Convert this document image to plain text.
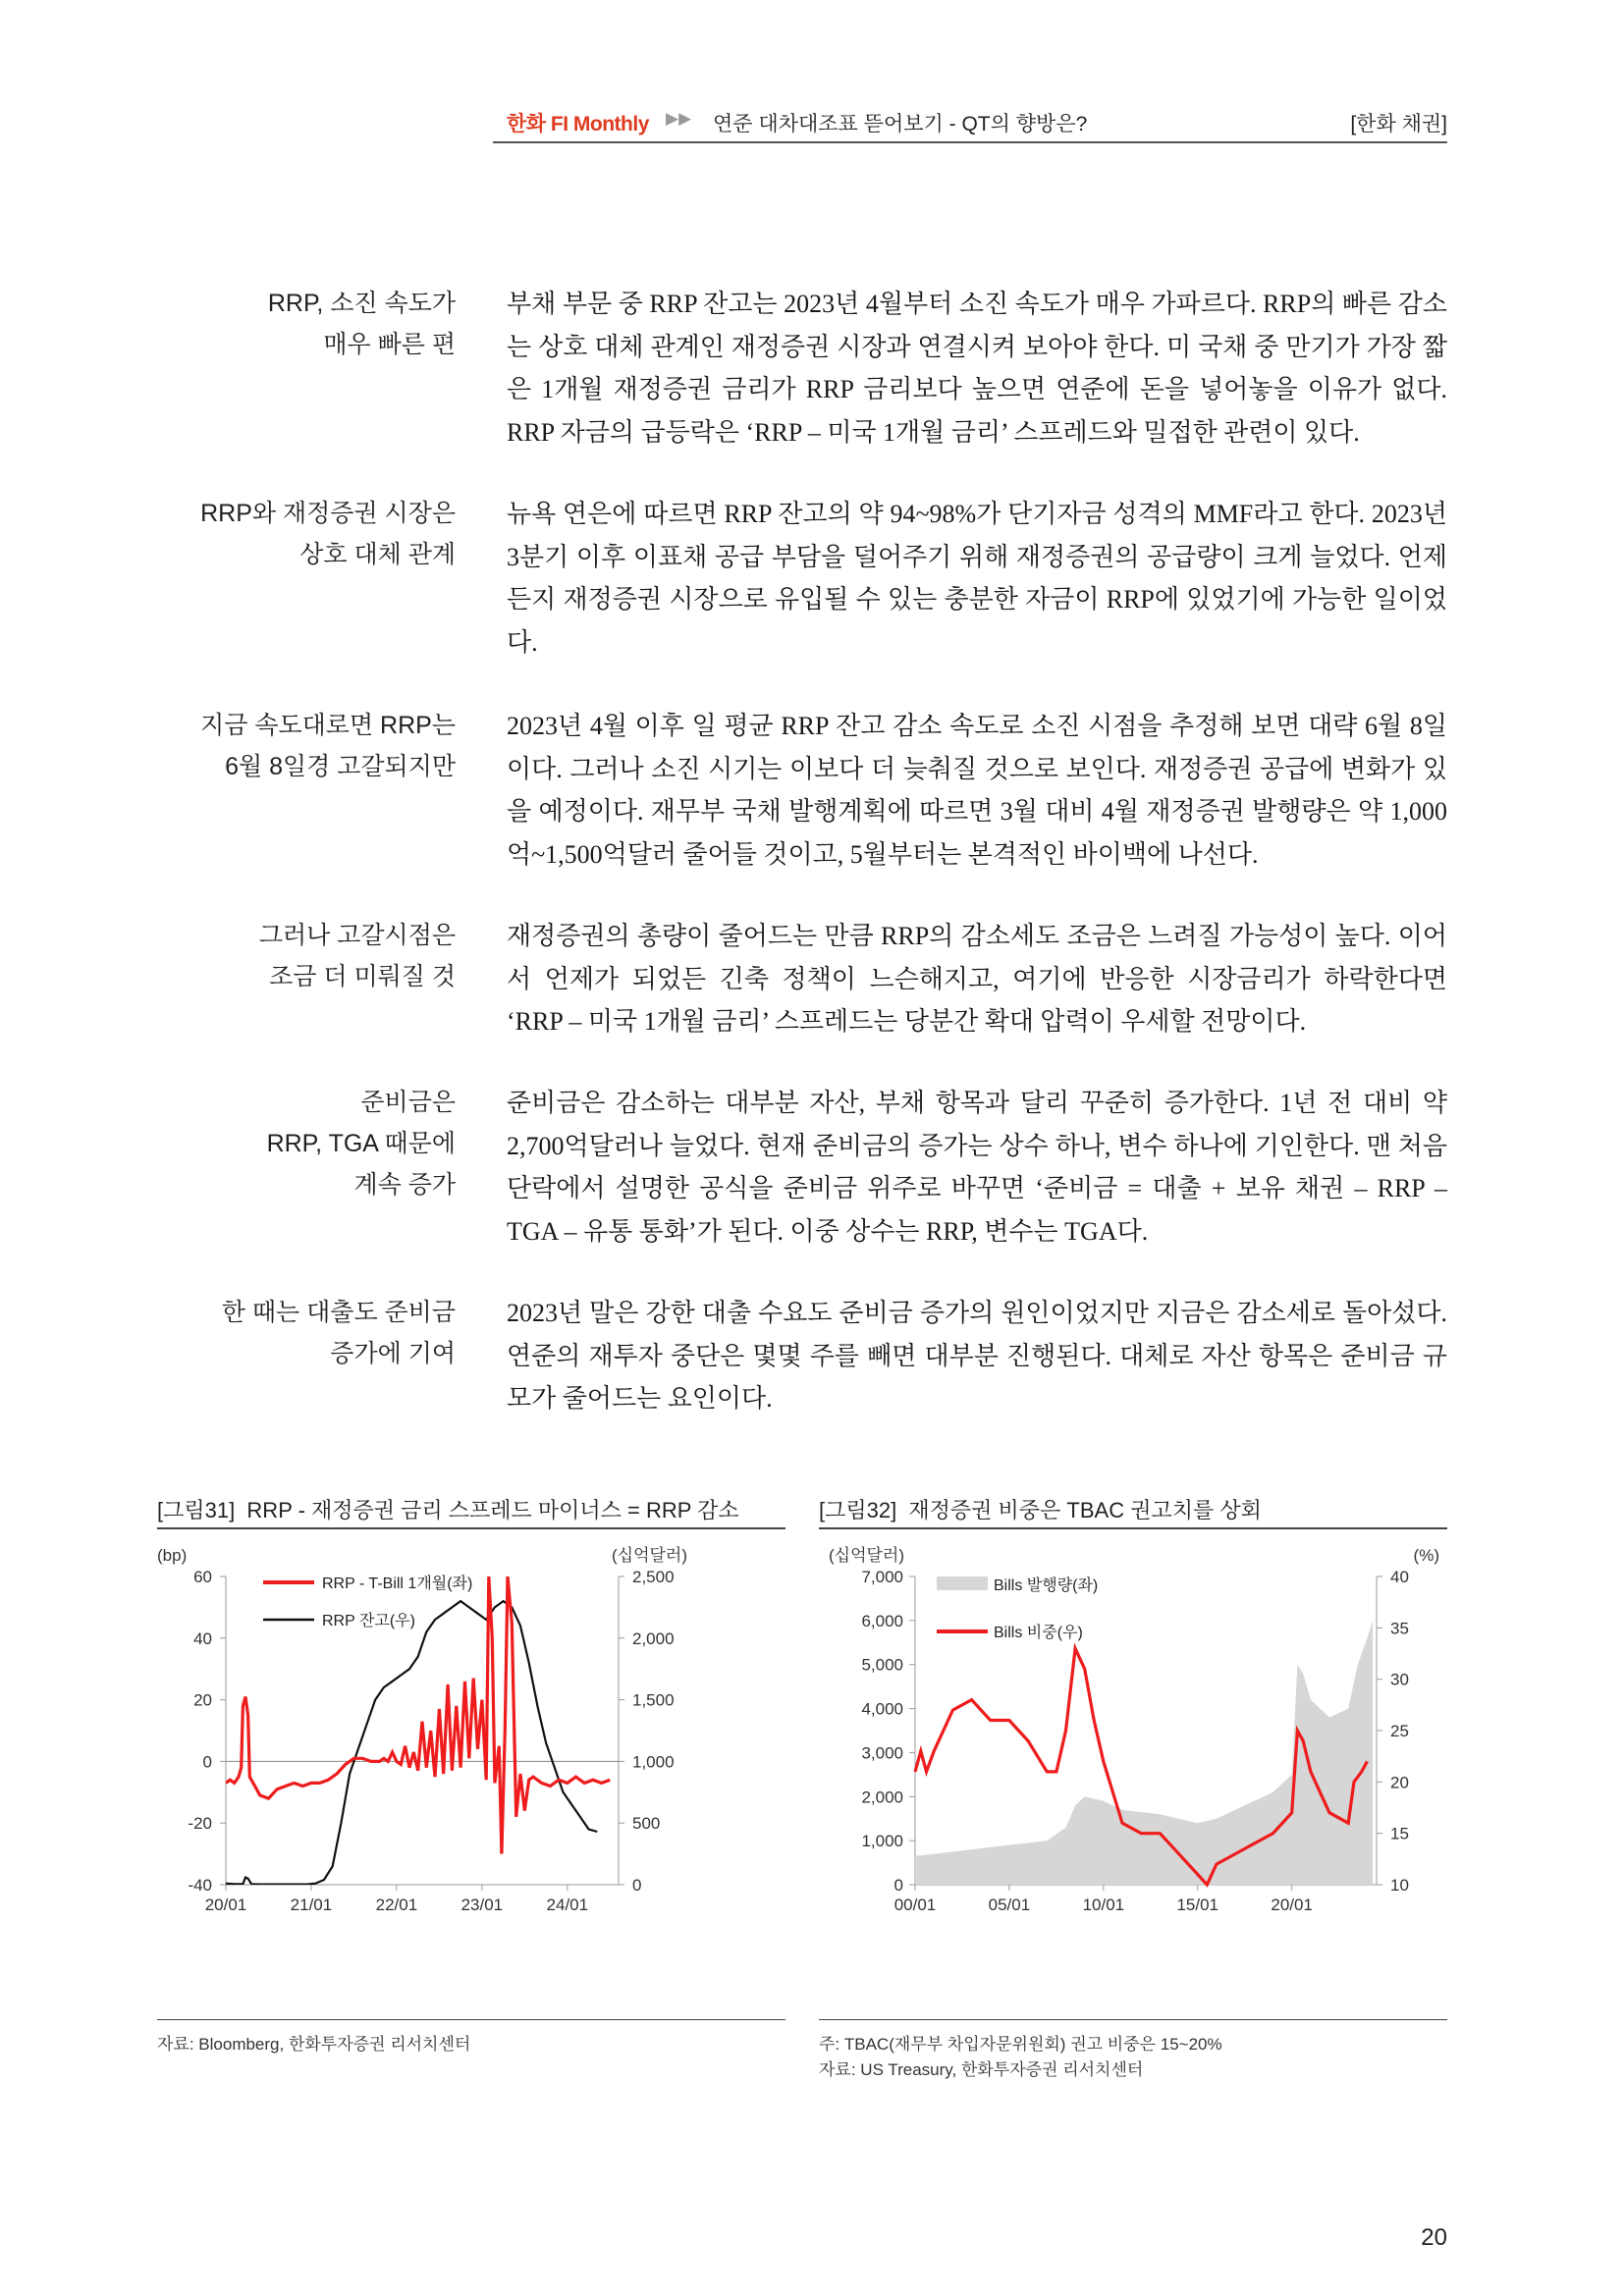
한화 FI Monthly ▶▶ 연준 대차대조표 뜯어보기 - QT의 향방은?	[한화 채권]
RRP, 소진 속도가
매우 빠른 편
부채 부문 중 RRP 잔고는 2023년 4월부터 소진 속도가 매우 가파르다. RRP의 빠른 감소는 상호 대체 관계인 재정증권 시장과 연결시켜 보아야 한다. 미 국채 중 만기가 가장 짧은 1개월 재정증권 금리가 RRP 금리보다 높으면 연준에 돈을 넣어놓을 이유가 없다. RRP 자금의 급등락은 ‘RRP – 미국 1개월 금리’ 스프레드와 밀접한 관련이 있다.
RRP와 재정증권 시장은
상호 대체 관계
뉴욕 연은에 따르면 RRP 잔고의 약 94~98%가 단기자금 성격의 MMF라고 한다. 2023년 3분기 이후 이표채 공급 부담을 덜어주기 위해 재정증권의 공급량이 크게 늘었다. 언제든지 재정증권 시장으로 유입될 수 있는 충분한 자금이 RRP에 있었기에 가능한 일이었다.
지금 속도대로면 RRP는
6월 8일경 고갈되지만
2023년 4월 이후 일 평균 RRP 잔고 감소 속도로 소진 시점을 추정해 보면 대략 6월 8일이다. 그러나 소진 시기는 이보다 더 늦춰질 것으로 보인다. 재정증권 공급에 변화가 있을 예정이다. 재무부 국채 발행계획에 따르면 3월 대비 4월 재정증권 발행량은 약 1,000억~1,500억달러 줄어들 것이고, 5월부터는 본격적인 바이백에 나선다.
그러나 고갈시점은
조금 더 미뤄질 것
재정증권의 총량이 줄어드는 만큼 RRP의 감소세도 조금은 느려질 가능성이 높다. 이어서 언제가 되었든 긴축 정책이 느슨해지고, 여기에 반응한 시장금리가 하락한다면 ‘RRP – 미국 1개월 금리’ 스프레드는 당분간 확대 압력이 우세할 전망이다.
준비금은
RRP, TGA 때문에
계속 증가
준비금은 감소하는 대부분 자산, 부채 항목과 달리 꾸준히 증가한다. 1년 전 대비 약 2,700억달러나 늘었다. 현재 준비금의 증가는 상수 하나, 변수 하나에 기인한다. 맨 처음 단락에서 설명한 공식을 준비금 위주로 바꾸면 ‘준비금 = 대출 + 보유 채권 – RRP – TGA – 유통 통화’가 된다. 이중 상수는 RRP, 변수는 TGA다.
한 때는 대출도 준비금
증가에 기여
2023년 말은 강한 대출 수요도 준비금 증가의 원인이었지만 지금은 감소세로 돌아섰다. 연준의 재투자 중단은 몇몇 주를 빼면 대부분 진행된다. 대체로 자산 항목은 준비금 규모가 줄어드는 요인이다.
[그림31]  RRP - 재정증권 금리 스프레드 마이너스 = RRP 감소
(bp)	(십억달러)
60
40
20
0
-20
-40
2,500
2,000
1,500
1,000
500
0
20/01	21/01	22/01	23/01	24/01
RRP - T-Bill 1개월(좌)
RRP 잔고(우)
자료: Bloomberg, 한화투자증권 리서치센터
[그림32]  재정증권 비중은 TBAC 권고치를 상회
(십억달러)	(%)
7,000
6,000
5,000
4,000
3,000
2,000
1,000
0
40
35
30
25
20
15
10
00/01	05/01	10/01	15/01	20/01
Bills 발행량(좌)
Bills 비중(우)
주: TBAC(재무부 차입자문위원회) 권고 비중은 15~20%
자료: US Treasury, 한화투자증권 리서치센터
20
